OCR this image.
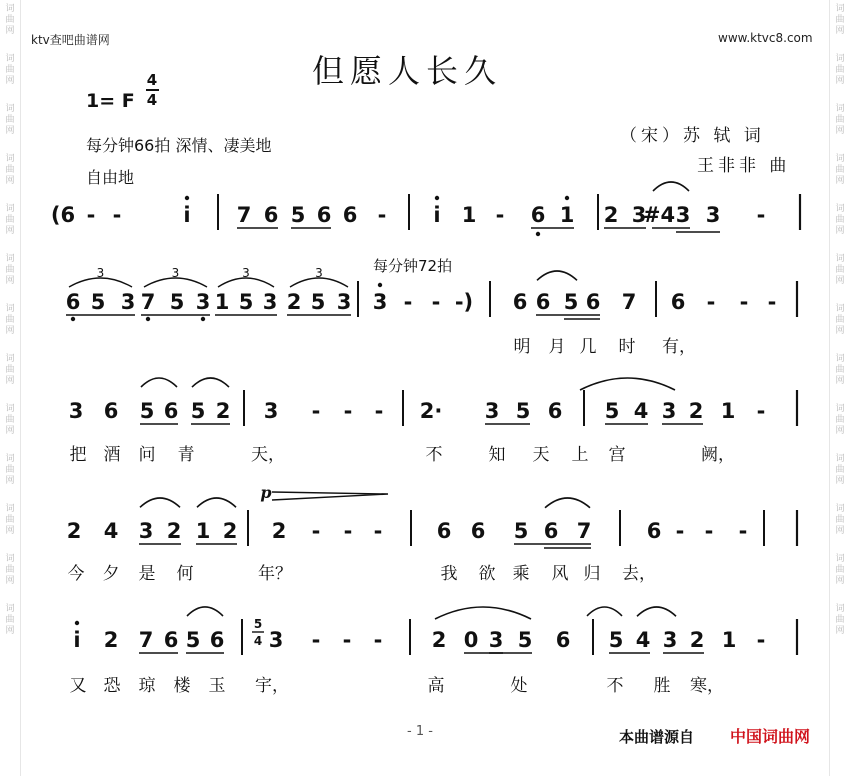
词
曲
网
词
曲
网
词
曲
网
词
曲
网
词
曲
网
词
曲
网
词
曲
网
词
曲
网
词
曲
网
词
曲
网
词
曲
网
词
曲
网
词
曲
网
词
曲
网
词
曲
网
词
曲
网
词
曲
网
词
曲
网
词
曲
网
词
曲
网
词
曲
网
词
曲
网
词
曲
网
词
曲
网
词
曲
网
词
曲
网
ktv查吧曲谱网	www.ktvc8.com
但愿人长久
1= F
4
4
每分钟66拍 深情、凄美地
自由地
（宋）苏 轼 词
王非非 曲
每分钟72拍
(6 - -	i 7 6 5 6 6 - i 1 - 6 1 2 3
#4 3 3 -
6 5 3 7 5 3 1 5 3 2 5 3 3 - - -) 6 6 5 6 7 6 - - -
明 月 几 时 有，
3 6 5 6 5 2 3 - - - 2· 3 5 6 5 4 3 2 1 -
把 酒 问 青	天，	不	知 天 上 宫	阙，
2 4 3 2 1 2 2 - - -	6 6 5 6 7	6 - - -
今 夕 是 何	年？	我 欲 乘 风 归 去，
i 2 7 6 5 6 3 - - - 2 0 3 5 6 5 4 3 2 1 -
又 恐 琼 楼 玉 宇，	高	处	不 胜 寒，
3	3	3	3
p
5
4
- 1 -	本曲谱源自 中国词曲网
